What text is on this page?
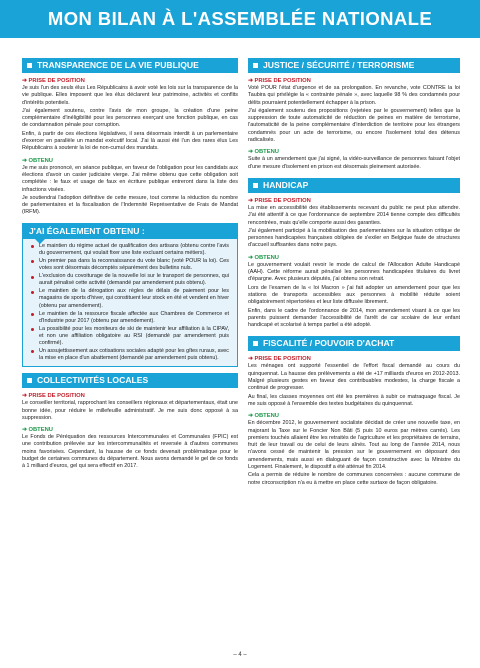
MON BILAN À L'ASSEMBLÉE NATIONALE
TRANSPARENCE DE LA VIE PUBLIQUE
➜ PRISE DE POSITION

Je suis l'un des seuls élus Les Républicains à avoir voté les lois sur la transparence de la vie publique. Elles imposent que les élus déclarent leur patrimoine, activités et conflits d'intérêts potentiels.

J'ai également soutenu, contre l'avis de mon groupe, la création d'une peine complémentaire d'inéligibilité pour les personnes exerçant une fonction publique, en cas de condamnation pénale pour corruption.

Enfin, à partir de ces élections législatives, il sera désormais interdit à un parlementaire d'exercer en parallèle un mandat exécutif local. J'ai là aussi été l'un des rares élus Les Républicains à soutenir la loi de non-cumul des mandats.

➜ OBTENU

Je me suis prononcé, en séance publique, en faveur de l'obligation pour les candidats aux élections d'avoir un casier judiciaire vierge. J'ai même obtenu que cette obligation soit complétée : le faux et usage de faux en écriture publique entreront dans la liste des infractions visées.

Je soutiendrai l'adoption définitive de cette mesure, tout comme la réduction du nombre de parlementaires et la fiscalisation de l'Indemnité Représentative de Frais de Mandat (IRFM).

J'AI ÉGALEMENT OBTENU :
Le maintien du régime actuel de qualification des artisans (obtenu contre l'avis du gouvernement, qui voulait fixer une liste excluant certains métiers).
Un premier pas dans la reconnaissance du vote blanc (voté POUR la loi). Ces votes sont désormais décomptés séparément des bulletins nuls.
L'exclusion du covoiturage de la nouvelle loi sur le transport de personnes, qui aurait pénalisé cette activité (demandé par amendement puis obtenu).
Le maintien de la dérogation aux règles de délais de paiement pour les magasins de sports d'hiver, qui constituent leur stock en été et vendent en hiver (obtenu par amendement).
Le maintien de la ressource fiscale affectée aux Chambres de Commerce et d'Industrie pour 2017 (obtenu par amendement).
La possibilité pour les moniteurs de ski de maintenir leur affiliation à la CIPAV, et non une affiliation obligatoire au RSI (demandé par amendement puis confirmé).
Un assujettissement aux cotisations sociales adapté pour les gîtes ruraux, avec la mise en place d'un abattement (demandé par amendement puis obtenu).
COLLECTIVITÉS LOCALES
➜ PRISE DE POSITION

Le conseiller territorial, rapprochant les conseillers régionaux et départementaux, était une bonne idée, pour réduire le millefeuille administratif. Je me suis donc opposé à sa suppression.

➜ OBTENU

Le Fonds de Péréquation des ressources Intercommunales et Communales (FPIC) est une contribution prélevée sur les intercommunalités et reversée à d'autres communes moins favorisées. Cependant, la hausse de ce fonds devenait problématique pour le budget de certaines communes du département. Nous avons demandé le gel de ce fonds à 1 milliard d'euros, gel qui sera effectif en 2017.

JUSTICE / SÉCURITÉ / TERRORISME
➜ PRISE DE POSITION

Voté POUR l'état d'urgence et de sa prolongation. En revanche, vote CONTRE la loi Taubira qui privilégie la « contrainte pénale », avec laquelle 98 % des condamnés pour délits pourraient potentiellement échapper à la prison.

J'ai également soutenu des propositions (rejetées par le gouvernement) telles que la suppression de toute automaticité de réduction de peines en matière de terrorisme, l'automaticité de la peine complémentaire d'interdiction de territoire pour les étrangers condamnés pour un acte de terrorisme, ou encore l'isolement total des détenus radicalisés.

➜ OBTENU

Suite à un amendement que j'ai signé, la vidéo-surveillance de personnes faisant l'objet d'une mesure d'isolement en prison est désormais pleinement autorisée.

HANDICAP
➜ PRISE DE POSITION

La mise en accessibilité des établissements recevant du public ne peut plus attendre. J'ai été attentif à ce que l'ordonnance de septembre 2014 tienne compte des difficultés rencontrées, mais qu'elle comporte aussi des garanties.

J'ai également participé à la mobilisation des parlementaires sur la situation critique de personnes handicapées françaises obligées de s'exiler en Belgique faute de structures d'accueil suffisantes dans notre pays.

➜ OBTENU

Le gouvernement voulait revoir le mode de calcul de l'Allocation Adulte Handicapé (AAH). Cette réforme aurait pénalisé les personnes handicapées titulaires du livret d'épargne. Avec plusieurs députés, j'ai obtenu son retrait.

Lors de l'examen de la « loi Macron » j'ai fait adopter un amendement pour que les stations de transports accessibles aux personnes à mobilité réduite soient obligatoirement répertoriées et leur liste diffusée librement.

Enfin, dans le cadre de l'ordonnance de 2014, mon amendement visant à ce que les parents puissent demander l'accessibilité de l'arrêt de car scolaire de leur enfant handicapé et scolarisé à temps partiel a été adopté.

FISCALITÉ / POUVOIR D'ACHAT
➜ PRISE DE POSITION

Les ménages ont supporté l'essentiel de l'effort fiscal demandé au cours du quinquennat. La hausse des prélèvements a été de +17 milliards d'euros en 2012-2013. Malgré plusieurs gestes en faveur des contribuables modestes, la charge fiscale a continué de progresser.

Au final, les classes moyennes ont été les premières à subir ce matraquage fiscal. Je me suis opposé à l'ensemble des textes budgétaires du quinquennat.

➜ OBTENU

En décembre 2012, le gouvernement socialiste décidait de créer une nouvelle taxe, en majorant la Taxe sur le Foncier Non Bâti (5 puis 10 euros par mètres carrés). Les premiers touchés allaient être les retraités de l'agriculture et les propriétaires de terrains, fruit de leur travail ou de celui de leurs aînés. Tout au long de l'année 2014, nous n'avons cessé de maintenir la pression sur le gouvernement en déposant des amendements, mais aussi en dialoguant de façon constructive avec la Ministre du Logement. Finalement, le dispositif a été atténué fin 2014.

Cela a permis de réduire le nombre de communes concernées : aucune commune de notre circonscription n'a eu à mettre en place cette surtaxe de façon obligatoire.

– 4 –
